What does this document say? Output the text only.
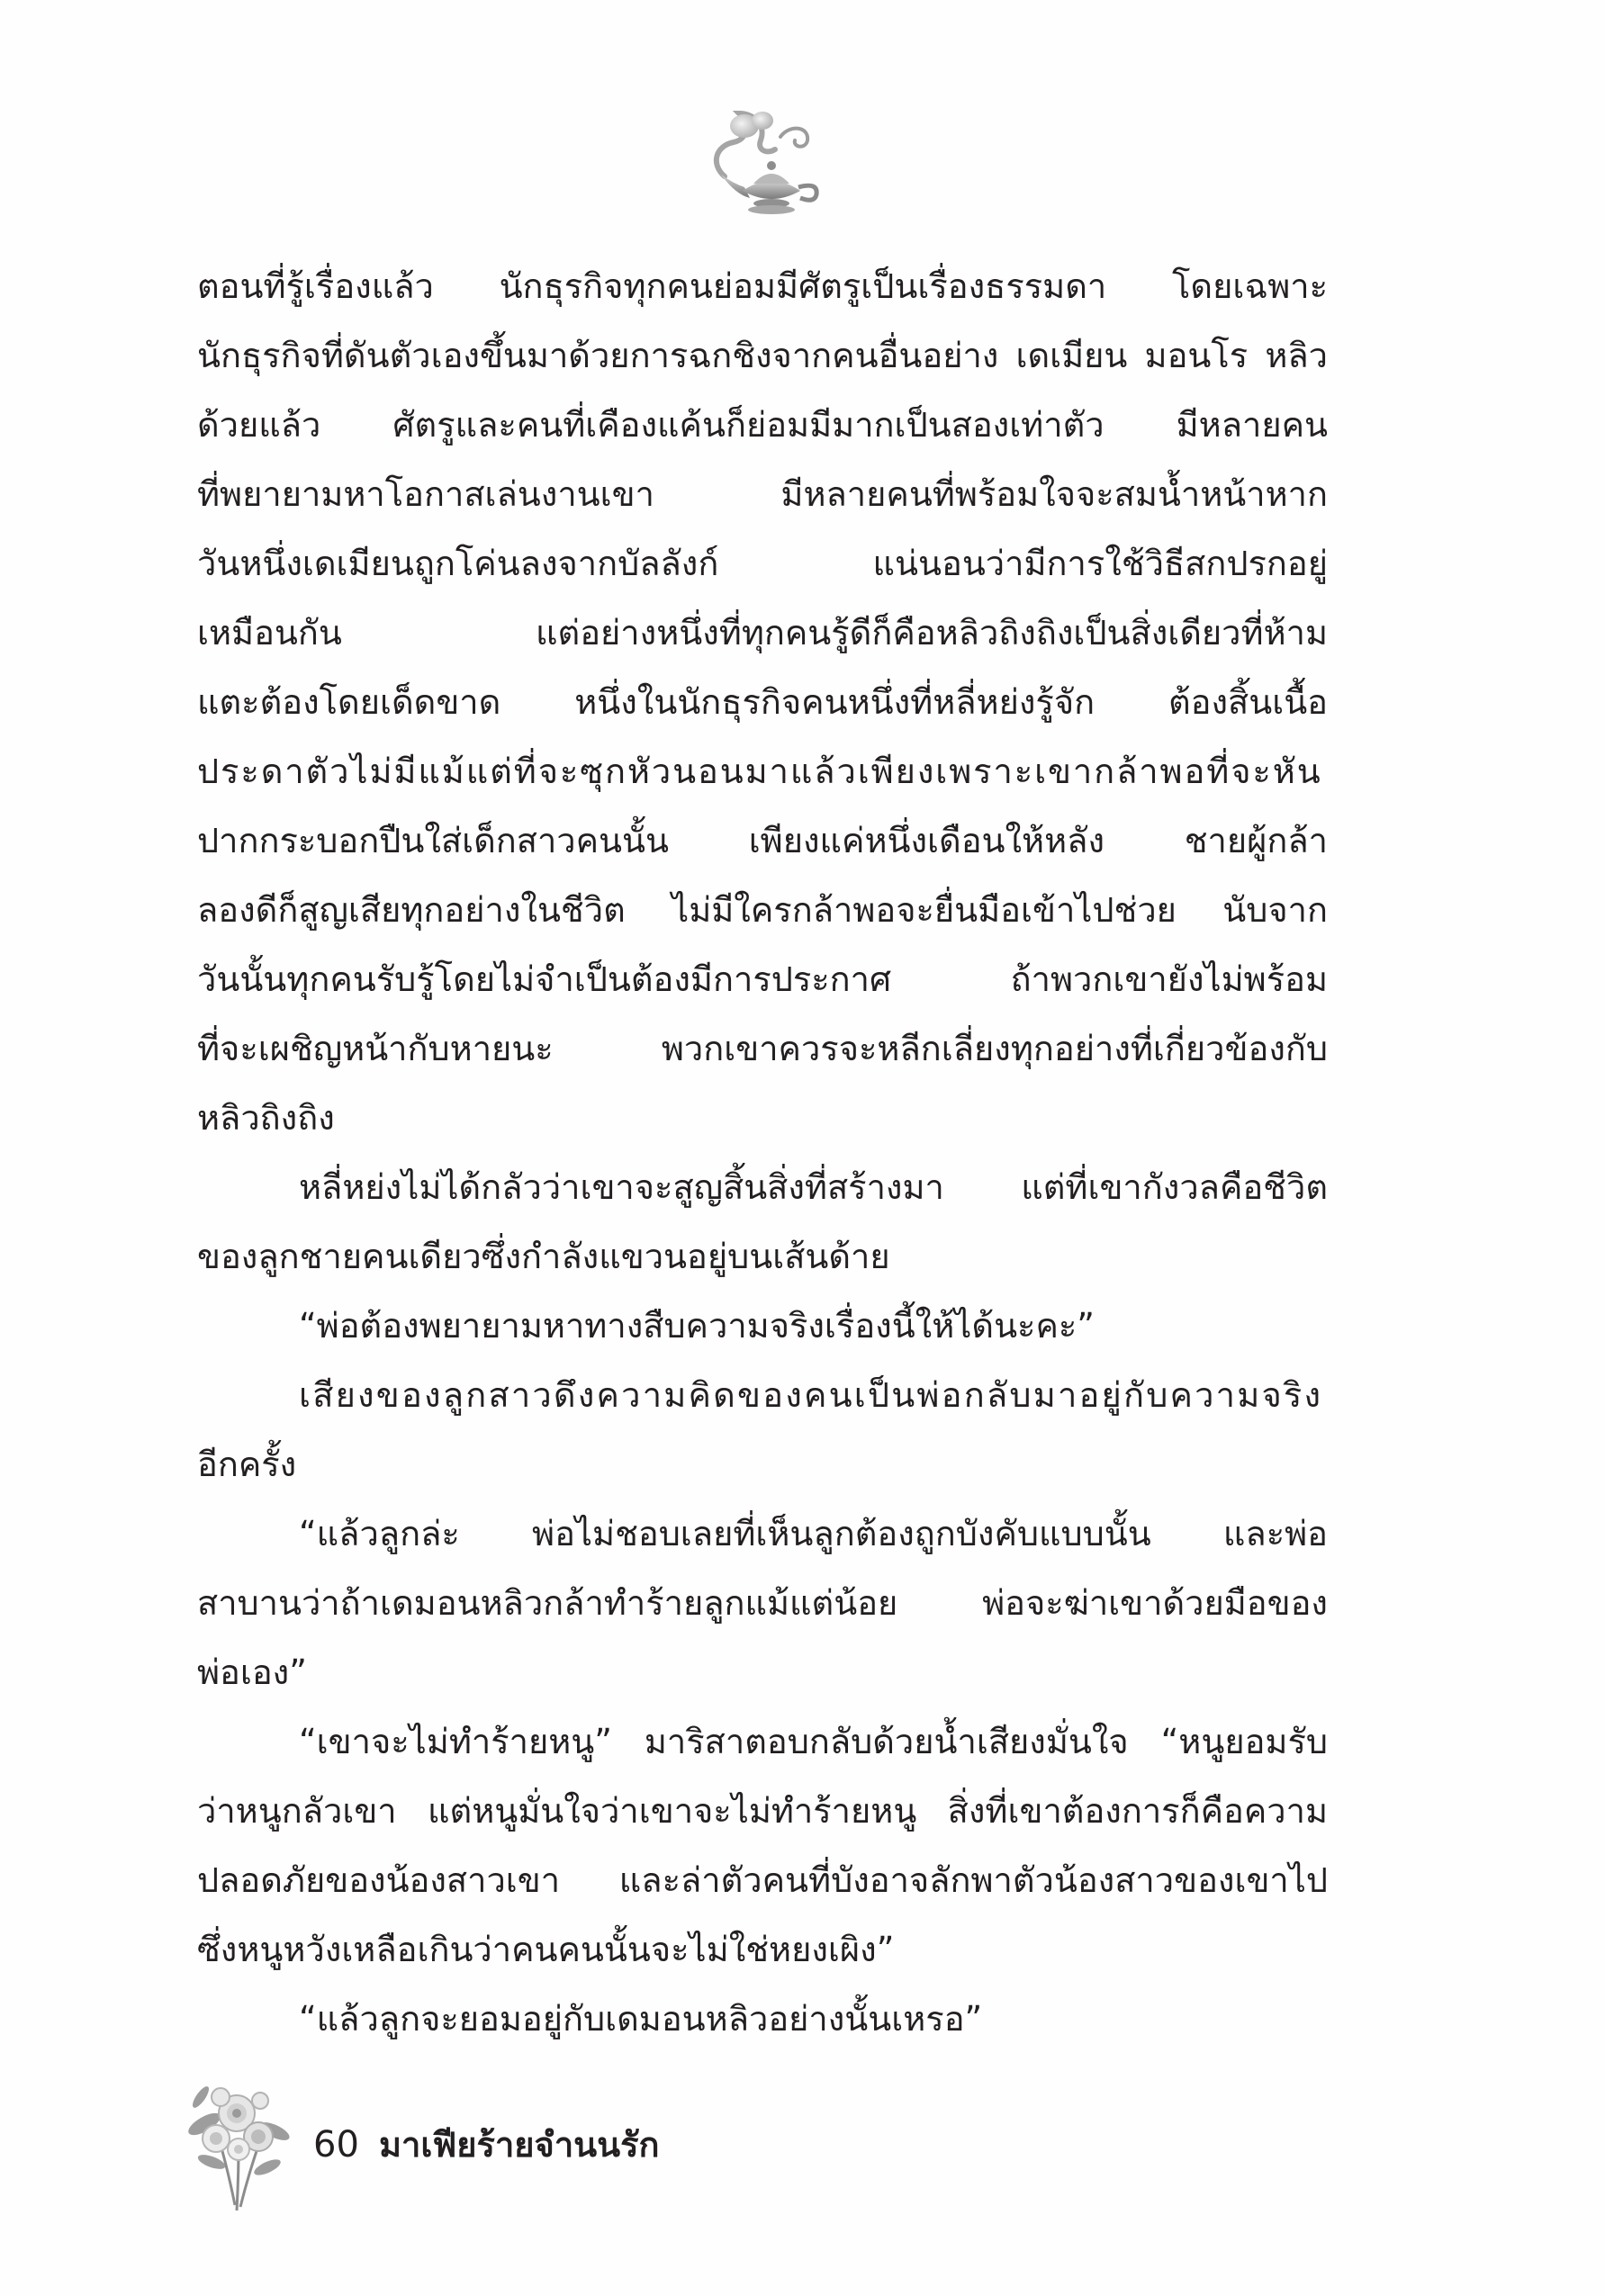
ตอนที่รู้เรื่องแล้ว นักธุรกิจทุกคนย่อมมีศัตรูเป็นเรื่องธรรมดา โดยเฉพาะ
นักธุรกิจที่ดันตัวเองขึ้นมาด้วยการฉกชิงจากคนอื่นอย่าง เดเมียน มอนโร หลิว
ด้วยแล้ว ศัตรูและคนที่เคืองแค้นก็ย่อมมีมากเป็นสองเท่าตัว มีหลายคน
ที่พยายามหาโอกาสเล่นงานเขา มีหลายคนที่พร้อมใจจะสมน้ำหน้าหาก
วันหนึ่งเดเมียนถูกโค่นลงจากบัลลังก์ แน่นอนว่ามีการใช้วิธีสกปรกอยู่
เหมือนกัน แต่อย่างหนึ่งที่ทุกคนรู้ดีก็คือหลิวถิงถิงเป็นสิ่งเดียวที่ห้าม
แตะต้องโดยเด็ดขาด หนึ่งในนักธุรกิจคนหนึ่งที่หลี่หย่งรู้จัก ต้องสิ้นเนื้อ
ประดาตัวไม่มีแม้แต่ที่จะซุกหัวนอนมาแล้วเพียงเพราะเขากล้าพอที่จะหัน
ปากกระบอกปืนใส่เด็กสาวคนนั้น เพียงแค่หนึ่งเดือนให้หลัง ชายผู้กล้า
ลองดีก็สูญเสียทุกอย่างในชีวิต ไม่มีใครกล้าพอจะยื่นมือเข้าไปช่วย นับจาก
วันนั้นทุกคนรับรู้โดยไม่จำเป็นต้องมีการประกาศ ถ้าพวกเขายังไม่พร้อม
ที่จะเผชิญหน้ากับหายนะ พวกเขาควรจะหลีกเลี่ยงทุกอย่างที่เกี่ยวข้องกับ
หลิวถิงถิง
หลี่หย่งไม่ได้กลัวว่าเขาจะสูญสิ้นสิ่งที่สร้างมา แต่ที่เขากังวลคือชีวิต
ของลูกชายคนเดียวซึ่งกำลังแขวนอยู่บนเส้นด้าย
“พ่อต้องพยายามหาทางสืบความจริงเรื่องนี้ให้ได้นะคะ”
เสียงของลูกสาวดึงความคิดของคนเป็นพ่อกลับมาอยู่กับความจริง
อีกครั้ง
“แล้วลูกล่ะ พ่อไม่ชอบเลยที่เห็นลูกต้องถูกบังคับแบบนั้น และพ่อ
สาบานว่าถ้าเดมอนหลิวกล้าทำร้ายลูกแม้แต่น้อย พ่อจะฆ่าเขาด้วยมือของ
พ่อเอง”
“เขาจะไม่ทำร้ายหนู” มาริสาตอบกลับด้วยน้ำเสียงมั่นใจ “หนูยอมรับ
ว่าหนูกลัวเขา แต่หนูมั่นใจว่าเขาจะไม่ทำร้ายหนู สิ่งที่เขาต้องการก็คือความ
ปลอดภัยของน้องสาวเขา และล่าตัวคนที่บังอาจลักพาตัวน้องสาวของเขาไป
ซึ่งหนูหวังเหลือเกินว่าคนคนนั้นจะไม่ใช่หยงเผิง”
“แล้วลูกจะยอมอยู่กับเดมอนหลิวอย่างนั้นเหรอ”
60 มาเฟียร้ายจำนนรัก
